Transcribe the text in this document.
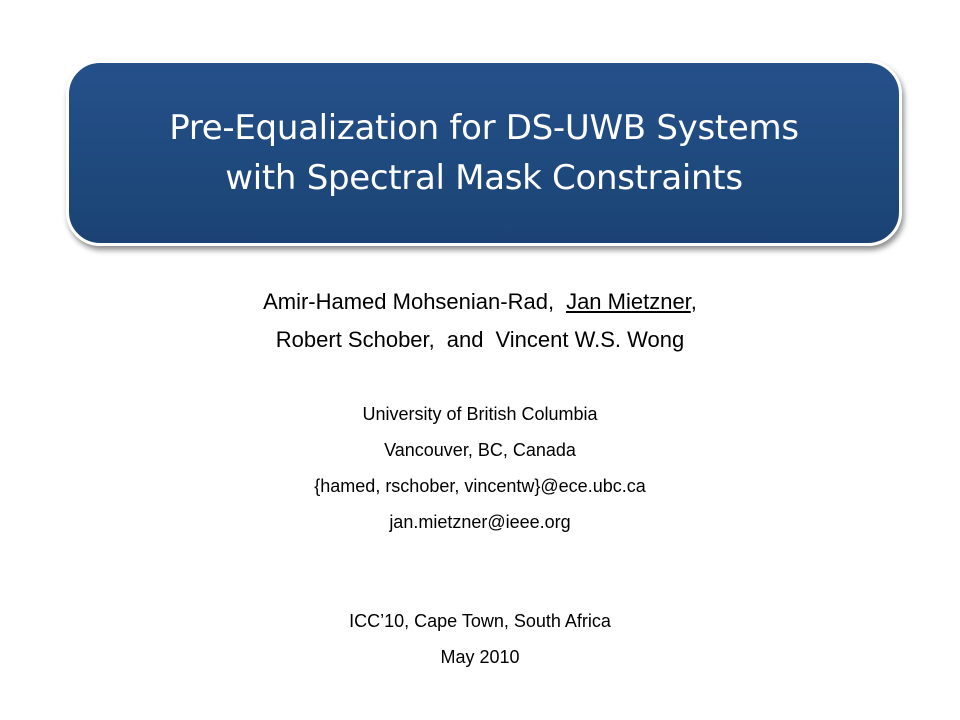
Pre-Equalization for DS-UWB Systems
with Spectral Mask Constraints
Amir-Hamed Mohsenian-Rad, Jan Mietzner,
Robert Schober, and Vincent W.S. Wong
University of British Columbia
Vancouver, BC, Canada
{hamed, rschober, vincentw}@ece.ubc.ca
jan.mietzner@ieee.org
ICC’10, Cape Town, South Africa
May 2010
